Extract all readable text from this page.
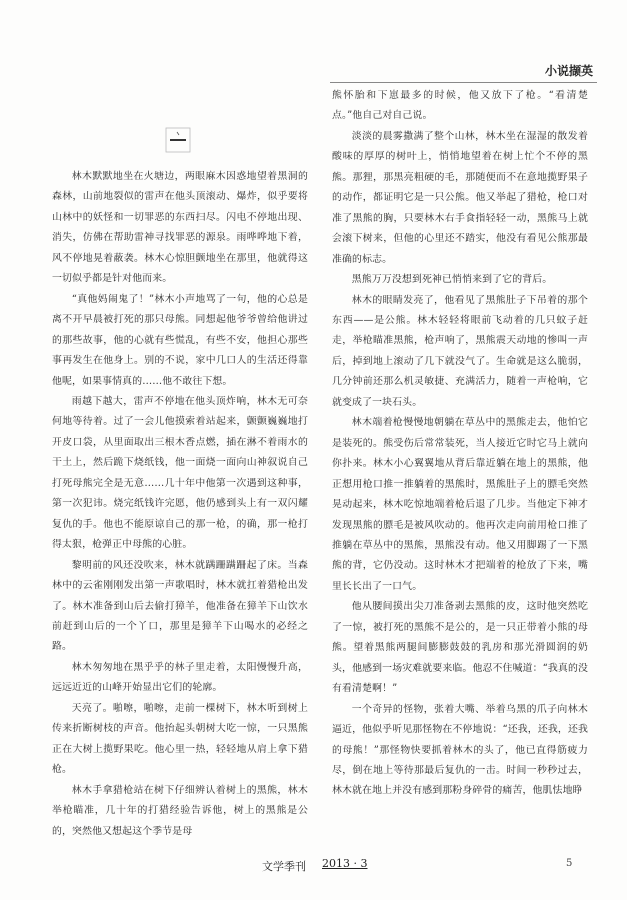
小说撷英

林木默默地坐在火塘边，两眼麻木因惑地望着黑洞的森林，山前地裂似的雷声在他头顶滚动、爆炸，似乎要将山林中的妖怪和一切罪恶的东西扫尽。闪电不停地出现、消失，仿佛在帮助雷神寻找罪恶的源泉。雨哗哗地下着，风不停地晃着蔽袭。林木心惊胆颤地坐在那里，他就得这一切似乎都是针对他而来。

“真他妈闹鬼了！”林木小声地骂了一句，他的心总是离不开早晨被打死的那只母熊。同想起他爷爷曾给他讲过的那些故事，他的心就有些慌乱，有些不安，他担心那些事再发生在他身上。别的不说，家中几口人的生活还得靠他呢，如果事情真的……他不敢往下想。

雨越下越大，雷声不停地在他头顶炸响，林木无可奈何地等待着。过了一会儿他摸索着站起来，颤颤巍巍地打开皮口袋，从里面取出三根木香点燃，插在淋不着雨水的干土上，然后跪下烧纸钱，他一面烧一面向山神叙说自己打死母熊完全是无意……几十年中他第一次遇到这种事，第一次犯讳。烧完纸钱许完愿，他仍感到头上有一双闪耀复仇的手。他也不能原谅自己的那一枪，的确，那一枪打得太狠，枪弹正中母熊的心脏。

黎明前的风还没吹来，林木就蹒跚蹒跚起了床。当森林中的云雀刚刚发出第一声歌唱时，林木就扛着猎枪出发了。林木准备到山后去偷打獐羊，他准备在獐羊下山饮水前赶到山后的一个丫口，那里是獐羊下山喝水的必经之路。

林木匆匆地在黑乎乎的林子里走着，太阳慢慢升高，远远近近的山峰开始显出它们的轮廓。

天亮了。啪嚓，啪嚓，走前一棵树下，林木听到树上传来折断树枝的声音。他抬起头朝树大吃一惊，一只黑熊正在大树上揽野果吃。他心里一热，轻轻地从肩上拿下猎枪。

林木手拿猎枪站在树下仔细辨认着树上的黑熊，林木举枪瞄准，几十年的打猎经验告诉他，树上的黑熊是公的，突然他又想起这个季节是母

熊怀胎和下崽最多的时候，他又放下了枪。“看清楚点。”他自己对自己说。

淡淡的晨雾撒满了整个山林，林木坐在湿湿的散发着酸味的厚厚的树叶上，悄悄地望着在树上忙个不停的黑熊。那狸，那黑亮粗硬的毛，那随便而不在意地揽野果子的动作，都证明它是一只公熊。他又举起了猎枪，枪口对准了黑熊的胸，只要林木右手食指轻轻一动，黑熊马上就会滚下树来，但他的心里还不踏实，他没有看见公熊那最准确的标志。

黑熊万万没想到死神已悄悄来到了它的背后。

林木的眼睛发亮了，他看见了黑熊肚子下吊着的那个东西——是公熊。林木轻轻将眼前飞动着的几只蚊子赶走，举枪瞄准黑熊，枪声响了，黑熊震天动地的惨叫一声后，掉到地上滚动了几下就没气了。生命就是这么脆弱，几分钟前还那么机灵敏捷、充满活力，随着一声枪响，它就变成了一块石头。

林木端着枪慢慢地朝躺在草丛中的黑熊走去，他怕它是装死的。熊受伤后常常装死，当人接近它时它马上就向你扑来。林木小心翼翼地从背后靠近躺在地上的黑熊，他正想用枪口推一推躺着的黑熊时，黑熊肚子上的膘毛突然晃动起来，林木吃惊地端着枪后退了几步。当他定下神才发现黑熊的膘毛是被风吹动的。他再次走向前用枪口推了推躺在草丛中的黑熊，黑熊没有动。他又用脚踢了一下黑熊的背，它仍没动。这时林木才把端着的枪放了下来，嘴里长长出了一口气。

他从腰间摸出尖刀准备剥去黑熊的皮，这时他突然吃了一惊，被打死的黑熊不是公的，是一只正带着小熊的母熊。望着黑熊两腿间膨膨鼓鼓的乳房和那光滑圆润的奶头，他感到一场灾难就要来临。他忍不住喊道：“我真的没有看清楚啊！”

一个奇异的怪物，张着大嘴、举着乌黑的爪子向林木逼近，他似乎听见那怪物在不停地说：“还我，还我，还我的母熊！”那怪物快要抓着林木的头了，他已直得筋疲力尽，倒在地上等待那最后复仇的一击。时间一秒秒过去，林木就在地上并没有感到那粉身碎骨的痛苦，他肌怯地睁

文学季刊 2013 · 3	5
